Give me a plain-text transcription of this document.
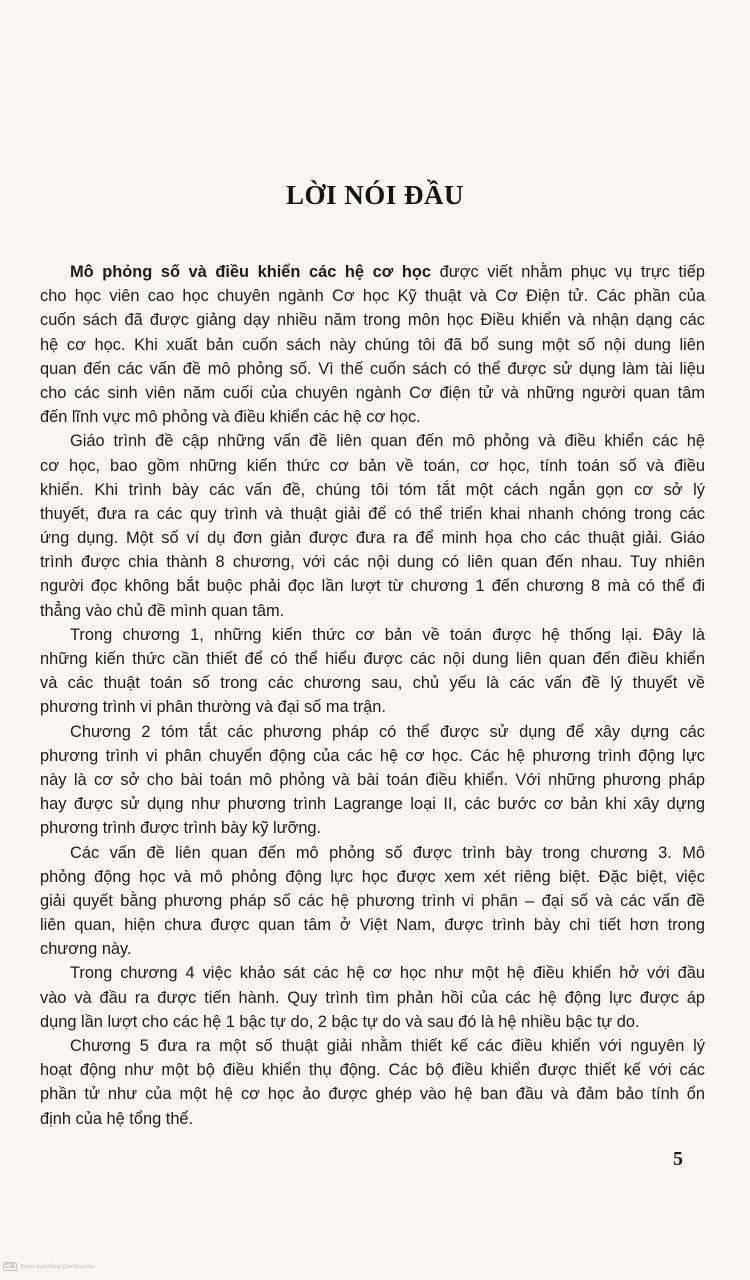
LỜI NÓI ĐẦU
Mô phỏng số và điều khiển các hệ cơ học được viết nhằm phục vụ trực tiếp
cho học viên cao học chuyên ngành Cơ học Kỹ thuật và Cơ Điện tử. Các phần của
cuốn sách đã được giảng dạy nhiều năm trong môn học Điều khiển và nhận dạng các
hệ cơ học. Khi xuất bản cuốn sách này chúng tôi đã bổ sung một số nội dung liên
quan đến các vấn đề mô phỏng số. Vì thế cuốn sách có thể được sử dụng làm tài liệu
cho các sinh viên năm cuối của chuyên ngành Cơ điện tử và những người quan tâm
đến lĩnh vực mô phỏng và điều khiển các hệ cơ học.
Giáo trình đề cập những vấn đề liên quan đến mô phỏng và điều khiển các hệ
cơ học, bao gồm những kiến thức cơ bản về toán, cơ học, tính toán số và điều
khiển. Khi trình bày các vấn đề, chúng tôi tóm tắt một cách ngắn gọn cơ sở lý
thuyết, đưa ra các quy trình và thuật giải để có thể triển khai nhanh chóng trong các
ứng dụng. Một số ví dụ đơn giản được đưa ra để minh họa cho các thuật giải. Giáo
trình được chia thành 8 chương, với các nội dung có liên quan đến nhau. Tuy nhiên
người đọc không bắt buộc phải đọc lần lượt từ chương 1 đến chương 8 mà có thể đi
thẳng vào chủ đề mình quan tâm.
Trong chương 1, những kiến thức cơ bản về toán được hệ thống lại. Đây là
những kiến thức cần thiết để có thể hiểu được các nội dung liên quan đến điều khiển
và các thuật toán số trong các chương sau, chủ yếu là các vấn đề lý thuyết về
phương trình vi phân thường và đại số ma trận.
Chương 2 tóm tắt các phương pháp có thể được sử dụng để xây dựng các
phương trình vi phân chuyển động của các hệ cơ học. Các hệ phương trình động lực
này là cơ sở cho bài toán mô phỏng và bài toán điều khiển. Với những phương pháp
hay được sử dụng như phương trình Lagrange loại II, các bước cơ bản khi xây dựng
phương trình được trình bày kỹ lưỡng.
Các vấn đề liên quan đến mô phỏng số được trình bày trong chương 3. Mô
phỏng động học và mô phỏng động lực học được xem xét riêng biệt. Đặc biệt, việc
giải quyết bằng phương pháp số các hệ phương trình vi phân – đại số và các vấn đề
liên quan, hiện chưa được quan tâm ở Việt Nam, được trình bày chi tiết hơn trong
chương này.
Trong chương 4 việc khảo sát các hệ cơ học như một hệ điều khiển hở với đầu
vào và đầu ra được tiến hành. Quy trình tìm phản hồi của các hệ động lực được áp
dụng lần lượt cho các hệ 1 bậc tự do, 2 bậc tự do và sau đó là hệ nhiều bậc tự do.
Chương 5 đưa ra một số thuật giải nhằm thiết kế các điều khiển với nguyên lý
hoạt động như một bộ điều khiển thụ động. Các bộ điều khiển được thiết kế với các
phần tử như của một hệ cơ học ảo được ghép vào hệ ban đầu và đảm bảo tính ổn
định của hệ tổng thể.
5
CS	Được quét bằng CamScanner
